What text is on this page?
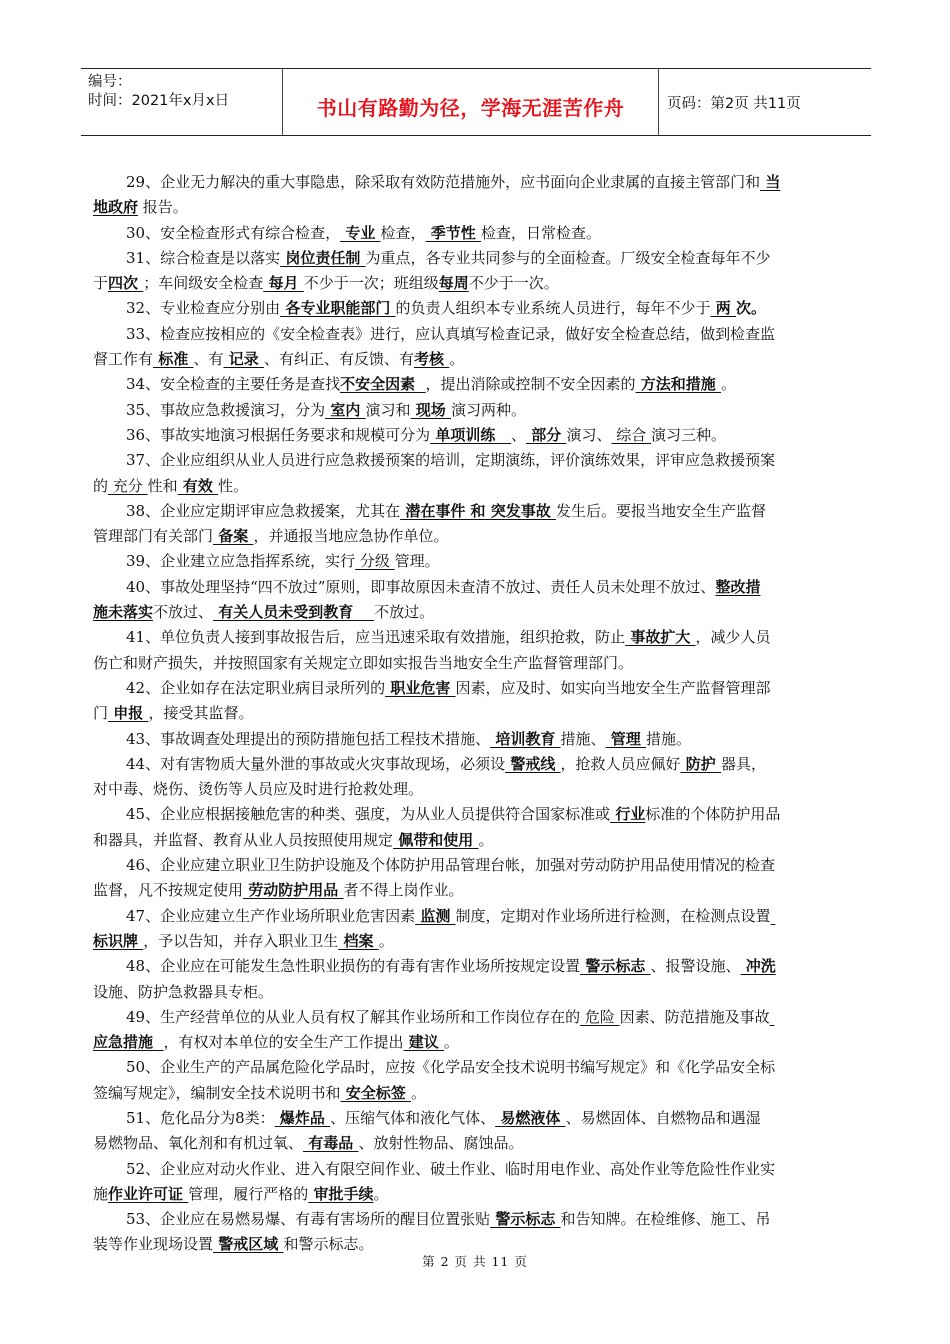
编号：
时间：2021年x月x日	书山有路勤为径，学海无涯苦作舟	页码：第2页 共11页
29、企业无力解决的重大事隐患，除采取有效防范措施外，应书面向企业隶属的直接主管部门和 当
地政府 报告。
30、安全检查形式有综合检查， 专业 检查， 季节性 检查，日常检查。
31、综合检查是以落实 岗位责任制 为重点，各专业共同参与的全面检查。厂级安全检查每年不少
于四次 ；车间级安全检查 每月 不少于一次；班组级每周不少于一次。
32、专业检查应分别由 各专业职能部门 的负责人组织本专业系统人员进行，每年不少于 两 次。
33、检查应按相应的《安全检查表》进行，应认真填写检查记录，做好安全检查总结，做到检查监
督工作有 标准 、有 记录 、有纠正、有反馈、有考核 。
34、安全检查的主要任务是查找不安全因素  ，提出消除或控制不安全因素的 方法和措施 。
35、事故应急救援演习，分为 室内 演习和 现场 演习两种。
36、事故实地演习根据任务要求和规模可分为 单项训练   、 部分 演习、 综合 演习三种。
37、企业应组织从业人员进行应急救援预案的培训，定期演练，评价演练效果，评审应急救援预案
的 充分 性和 有效 性。
38、企业应定期评审应急救援案，尤其在 潜在事件 和 突发事故 发生后。要报当地安全生产监督
管理部门有关部门 备案 ，并通报当地应急协作单位。
39、企业建立应急指挥系统，实行 分级 管理。
40、事故处理坚持“四不放过”原则，即事故原因未查清不放过、责任人员未处理不放过、整改措
施未落实不放过、 有关人员未受到教育    不放过。
41、单位负责人接到事故报告后，应当迅速采取有效措施，组织抢救，防止 事故扩大 ，减少人员
伤亡和财产损失，并按照国家有关规定立即如实报告当地安全生产监督管理部门。
42、企业如存在法定职业病目录所列的 职业危害 因素，应及时、如实向当地安全生产监督管理部
门 申报 ，接受其监督。
43、事故调查处理提出的预防措施包括工程技术措施、 培训教育 措施、 管理 措施。
44、对有害物质大量外泄的事故或火灾事故现场，必须设 警戒线 ，抢救人员应佩好 防护 器具，
对中毒、烧伤、烫伤等人员应及时进行抢救处理。
45、企业应根据接触危害的种类、强度，为从业人员提供符合国家标准或 行业标准的个体防护用品
和器具，并监督、教育从业人员按照使用规定 佩带和使用 。
46、企业应建立职业卫生防护设施及个体防护用品管理台帐，加强对劳动防护用品使用情况的检查
监督，凡不按规定使用 劳动防护用品 者不得上岗作业。
47、企业应建立生产作业场所职业危害因素 监测 制度，定期对作业场所进行检测，在检测点设置
标识牌 ，予以告知，并存入职业卫生 档案 。
48、企业应在可能发生急性职业损伤的有毒有害作业场所按规定设置 警示标志 、报警设施、 冲洗
设施、防护急救器具专柜。
49、生产经营单位的从业人员有权了解其作业场所和工作岗位存在的 危险 因素、防范措施及事故
应急措施  ，有权对本单位的安全生产工作提出 建议 。
50、企业生产的产品属危险化学品时，应按《化学品安全技术说明书编写规定》和《化学品安全标
签编写规定》，编制安全技术说明书和 安全标签 。
51、危化品分为8类： 爆炸品 、压缩气体和液化气体、 易燃液体 、易燃固体、自燃物品和遇湿
易燃物品、氧化剂和有机过氧、 有毒品 、放射性物品、腐蚀品。
52、企业应对动火作业、进入有限空间作业、破土作业、临时用电作业、高处作业等危险性作业实
施作业许可证 管理，履行严格的 审批手续。
53、企业应在易燃易爆、有毒有害场所的醒目位置张贴 警示标志 和告知牌。在检维修、施工、吊
装等作业现场设置 警戒区域 和警示标志。
第 2 页 共 11 页
